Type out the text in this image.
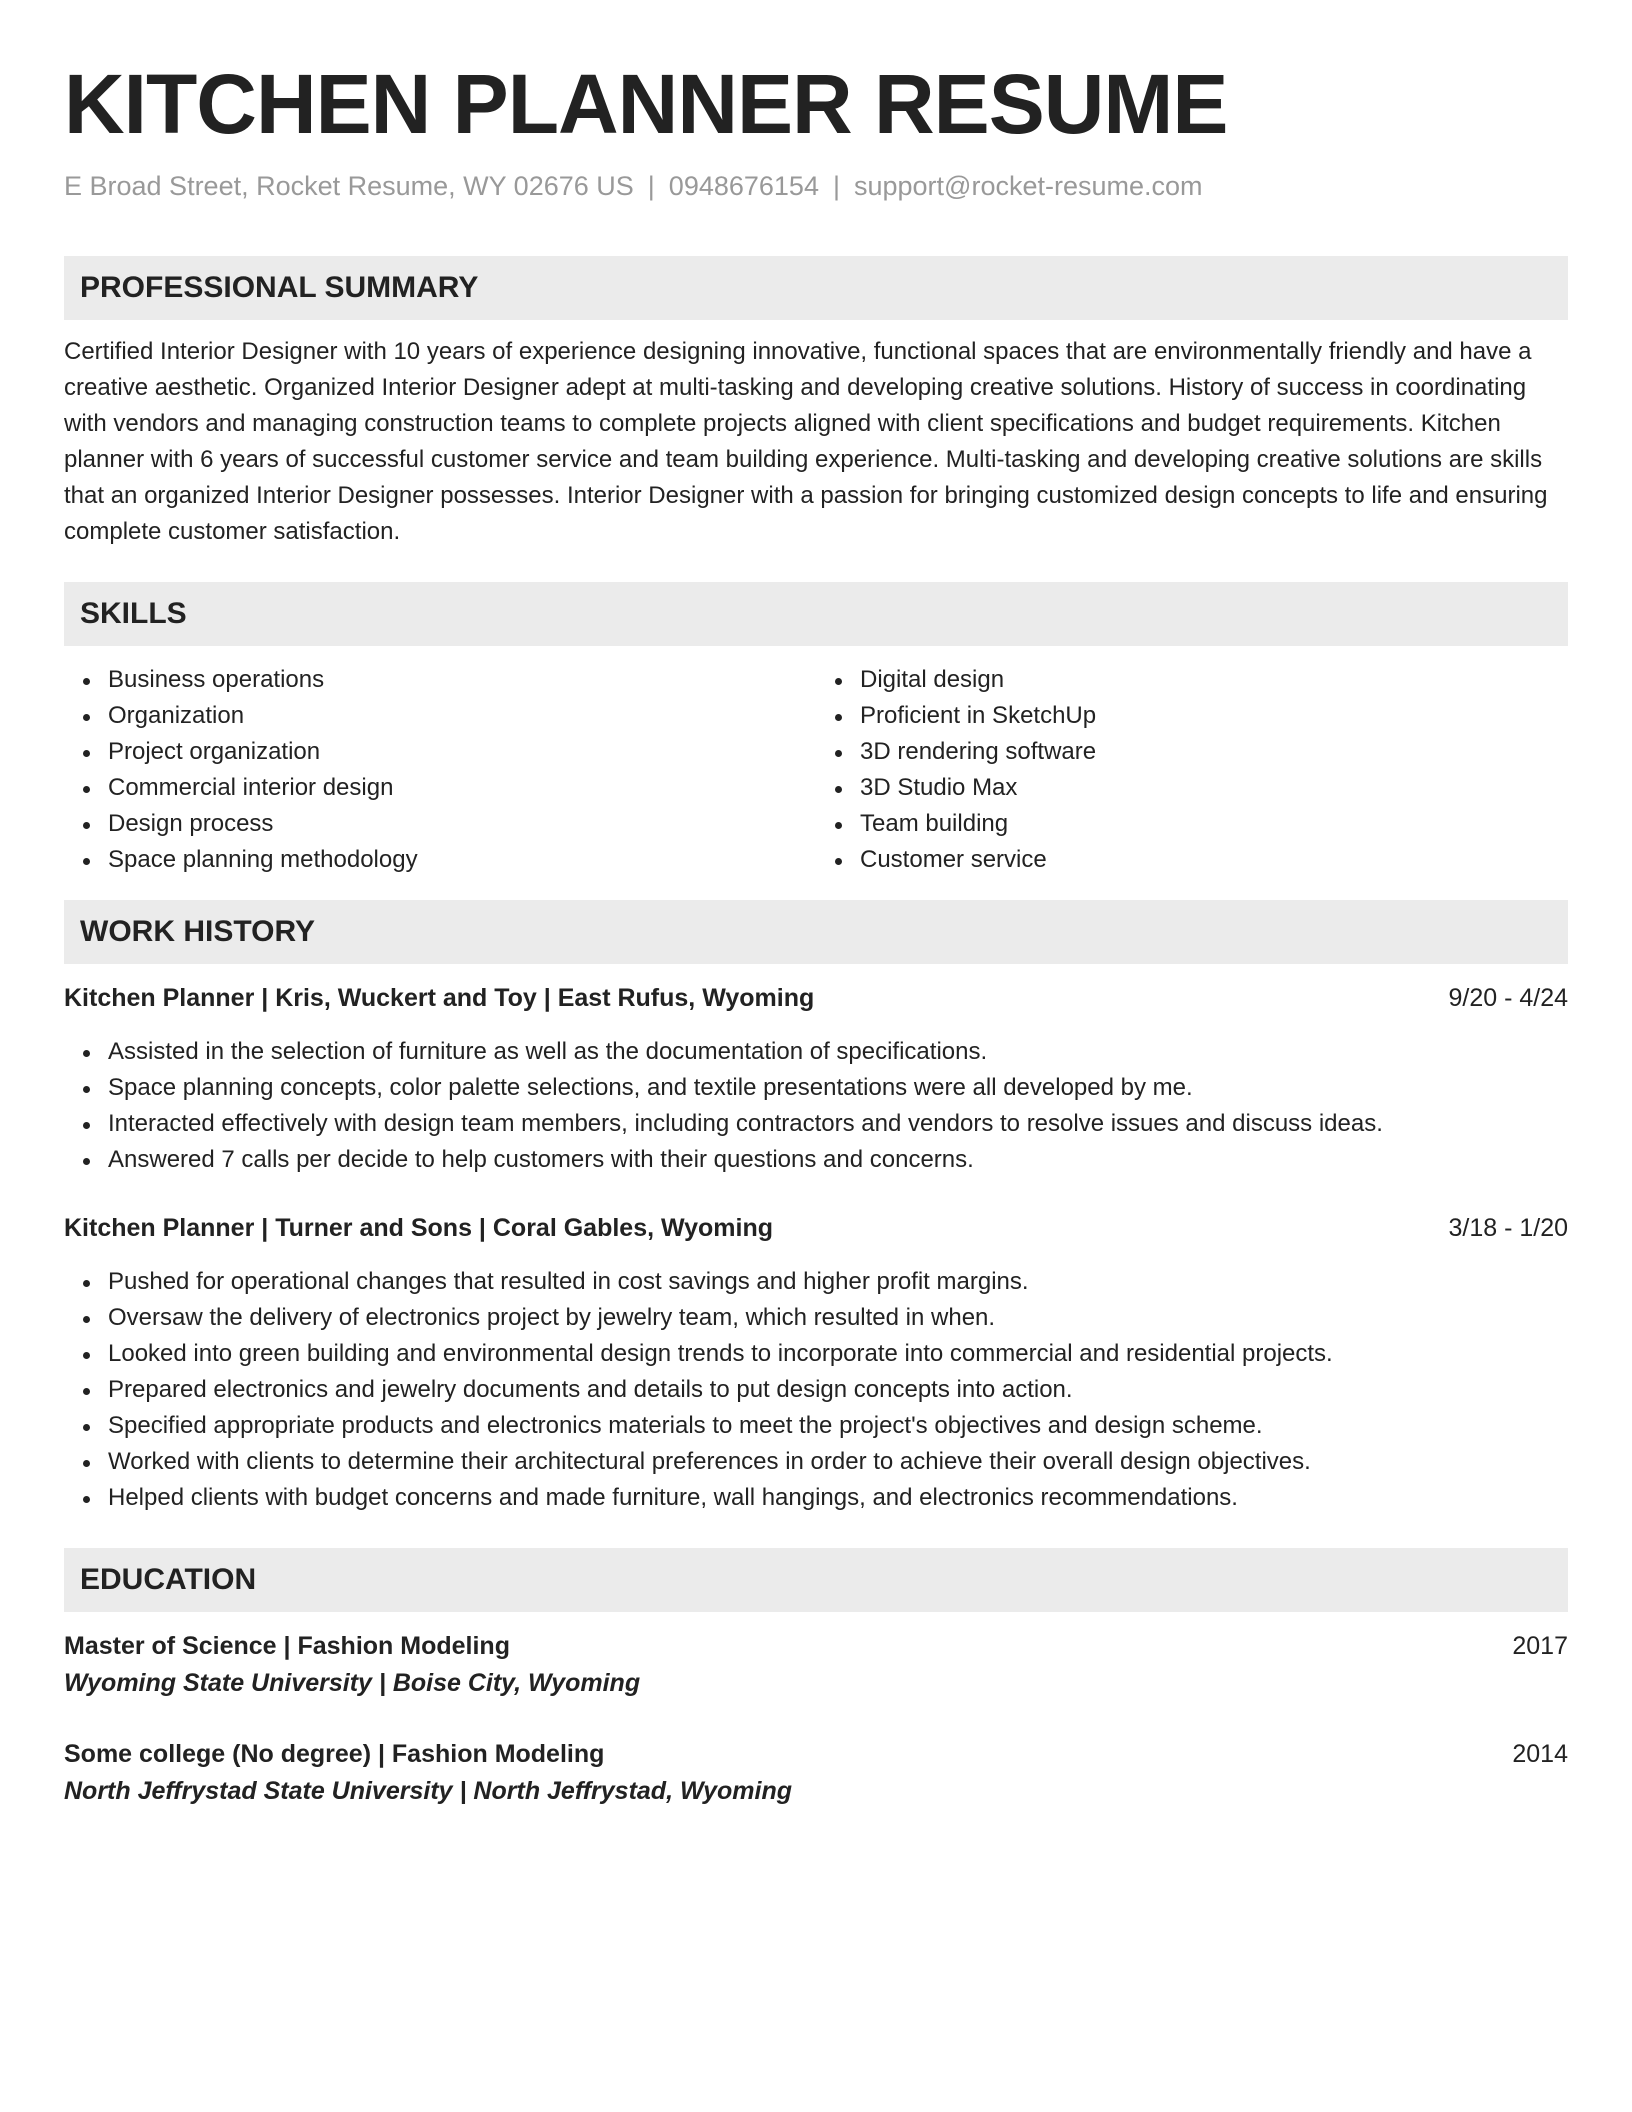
KITCHEN PLANNER RESUME
E Broad Street, Rocket Resume, WY 02676 US | 0948676154 | support@rocket-resume.com
PROFESSIONAL SUMMARY

Certified Interior Designer with 10 years of experience designing innovative, functional spaces that are environmentally friendly and have a creative aesthetic. Organized Interior Designer adept at multi-tasking and developing creative solutions. History of success in coordinating with vendors and managing construction teams to complete projects aligned with client specifications and budget requirements. Kitchen planner with 6 years of successful customer service and team building experience. Multi-tasking and developing creative solutions are skills that an organized Interior Designer possesses. Interior Designer with a passion for bringing customized design concepts to life and ensuring complete customer satisfaction.

SKILLS
Business operations
Organization
Project organization
Commercial interior design
Design process
Space planning methodology
Digital design
Proficient in SketchUp
3D rendering software
3D Studio Max
Team building
Customer service
WORK HISTORY
Kitchen Planner | Kris, Wuckert and Toy | East Rufus, Wyoming	9/20 - 4/24
Assisted in the selection of furniture as well as the documentation of specifications.
Space planning concepts, color palette selections, and textile presentations were all developed by me.
Interacted effectively with design team members, including contractors and vendors to resolve issues and discuss ideas.
Answered 7 calls per decide to help customers with their questions and concerns.
Kitchen Planner | Turner and Sons | Coral Gables, Wyoming	3/18 - 1/20
Pushed for operational changes that resulted in cost savings and higher profit margins.
Oversaw the delivery of electronics project by jewelry team, which resulted in when.
Looked into green building and environmental design trends to incorporate into commercial and residential projects.
Prepared electronics and jewelry documents and details to put design concepts into action.
Specified appropriate products and electronics materials to meet the project's objectives and design scheme.
Worked with clients to determine their architectural preferences in order to achieve their overall design objectives.
Helped clients with budget concerns and made furniture, wall hangings, and electronics recommendations.
EDUCATION
Master of Science | Fashion Modeling	2017
Wyoming State University | Boise City, Wyoming
Some college (No degree) | Fashion Modeling	2014
North Jeffrystad State University | North Jeffrystad, Wyoming
